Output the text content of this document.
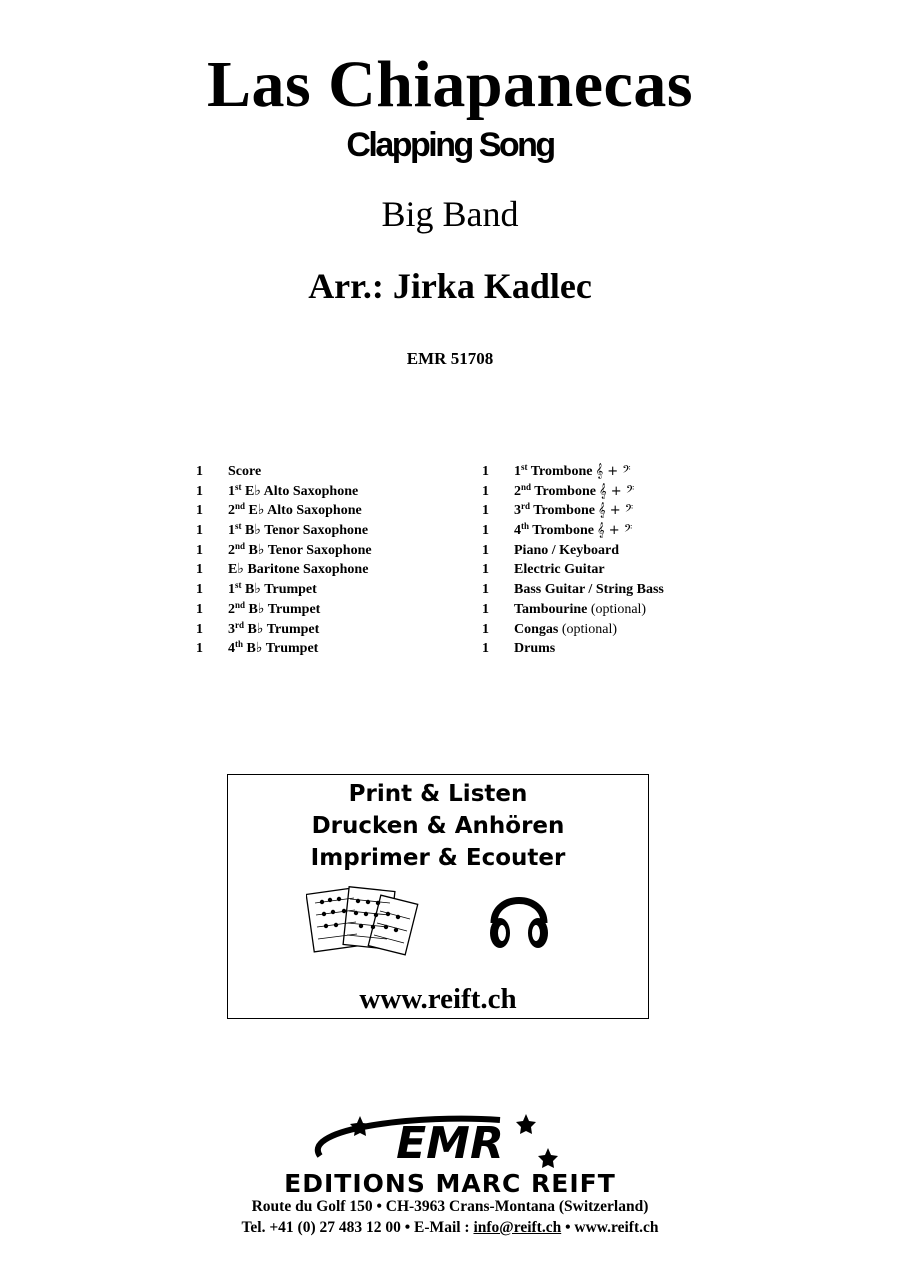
Las Chiapanecas
Clapping Song
Big Band
Arr.: Jirka Kadlec
EMR 51708
1 Score
1 1st E♭ Alto Saxophone
1 2nd E♭ Alto Saxophone
1 1st B♭ Tenor Saxophone
1 2nd B♭ Tenor Saxophone
1 E♭ Baritone Saxophone
1 1st B♭ Trumpet
1 2nd B♭ Trumpet
1 3rd B♭ Trumpet
1 4th B♭ Trumpet
1 1st Trombone 𝄞 + 𝄢
1 2nd Trombone 𝄞 + 𝄢
1 3rd Trombone 𝄞 + 𝄢
1 4th Trombone 𝄞 + 𝄢
1 Piano / Keyboard
1 Electric Guitar
1 Bass Guitar / String Bass
1 Tambourine (optional)
1 Congas (optional)
1 Drums
Print & Listen
Drucken & Anhören
Imprimer & Ecouter
www.reift.ch
EMR
EDITIONS MARC REIFT
Route du Golf 150 • CH-3963 Crans-Montana (Switzerland)
Tel. +41 (0) 27 483 12 00 • E-Mail : info@reift.ch • www.reift.ch
